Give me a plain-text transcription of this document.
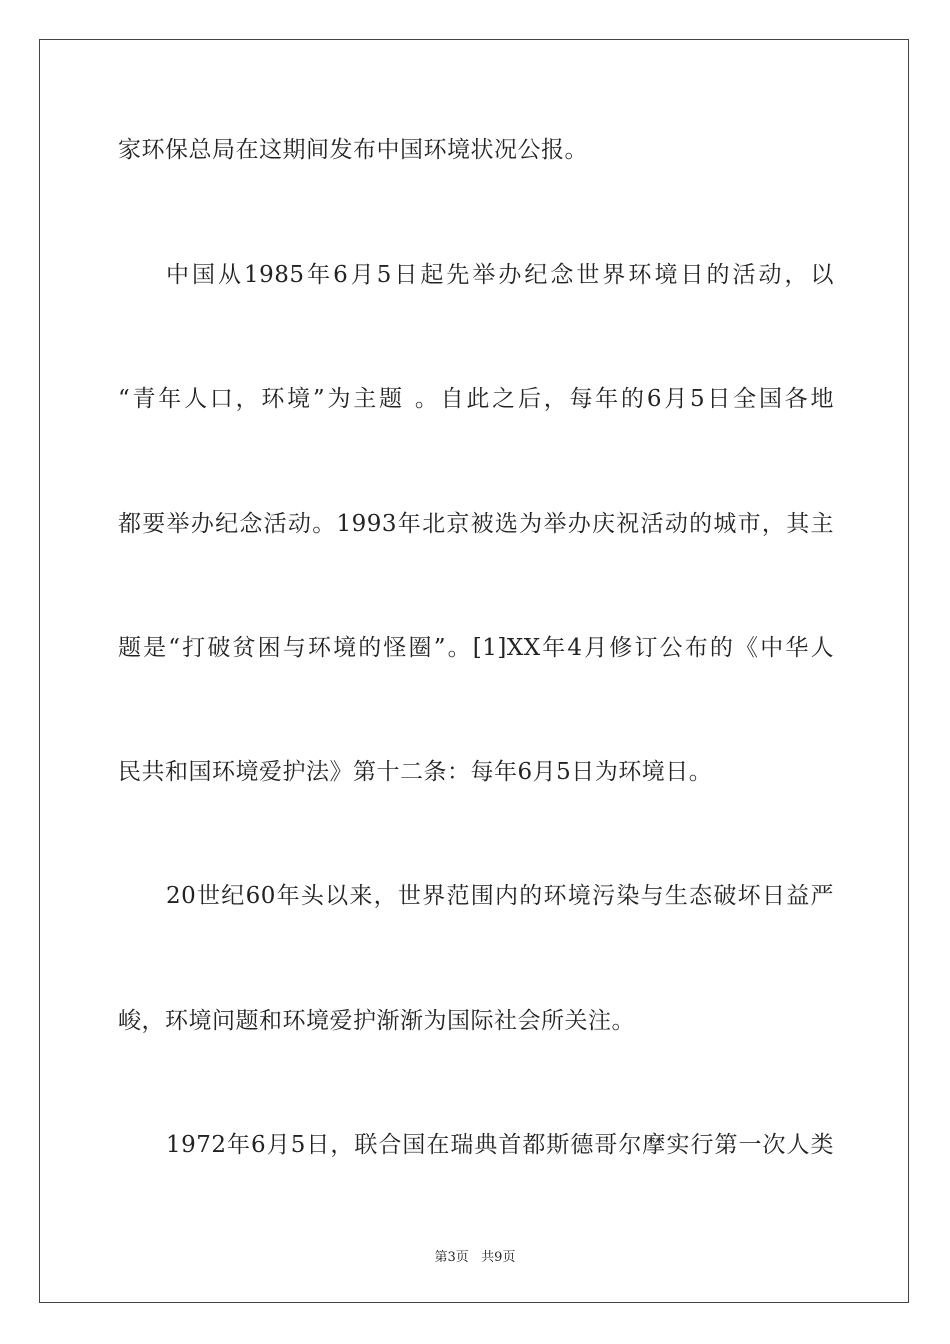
家环保总局在这期间发布中国环境状况公报。
中国从1985年6月5日起先举办纪念世界环境日的活动，以
“青年人口，环境”为主题 。自此之后，每年的6月5日全国各地
都要举办纪念活动。1993年北京被选为举办庆祝活动的城市，其主
题是“打破贫困与环境的怪圈”。[1]XX年4月修订公布的《中华人
民共和国环境爱护法》第十二条：每年6月5日为环境日。
20世纪60年头以来，世界范围内的环境污染与生态破坏日益严
峻，环境问题和环境爱护渐渐为国际社会所关注。
1972年6月5日，联合国在瑞典首都斯德哥尔摩实行第一次人类
第3页   共9页
